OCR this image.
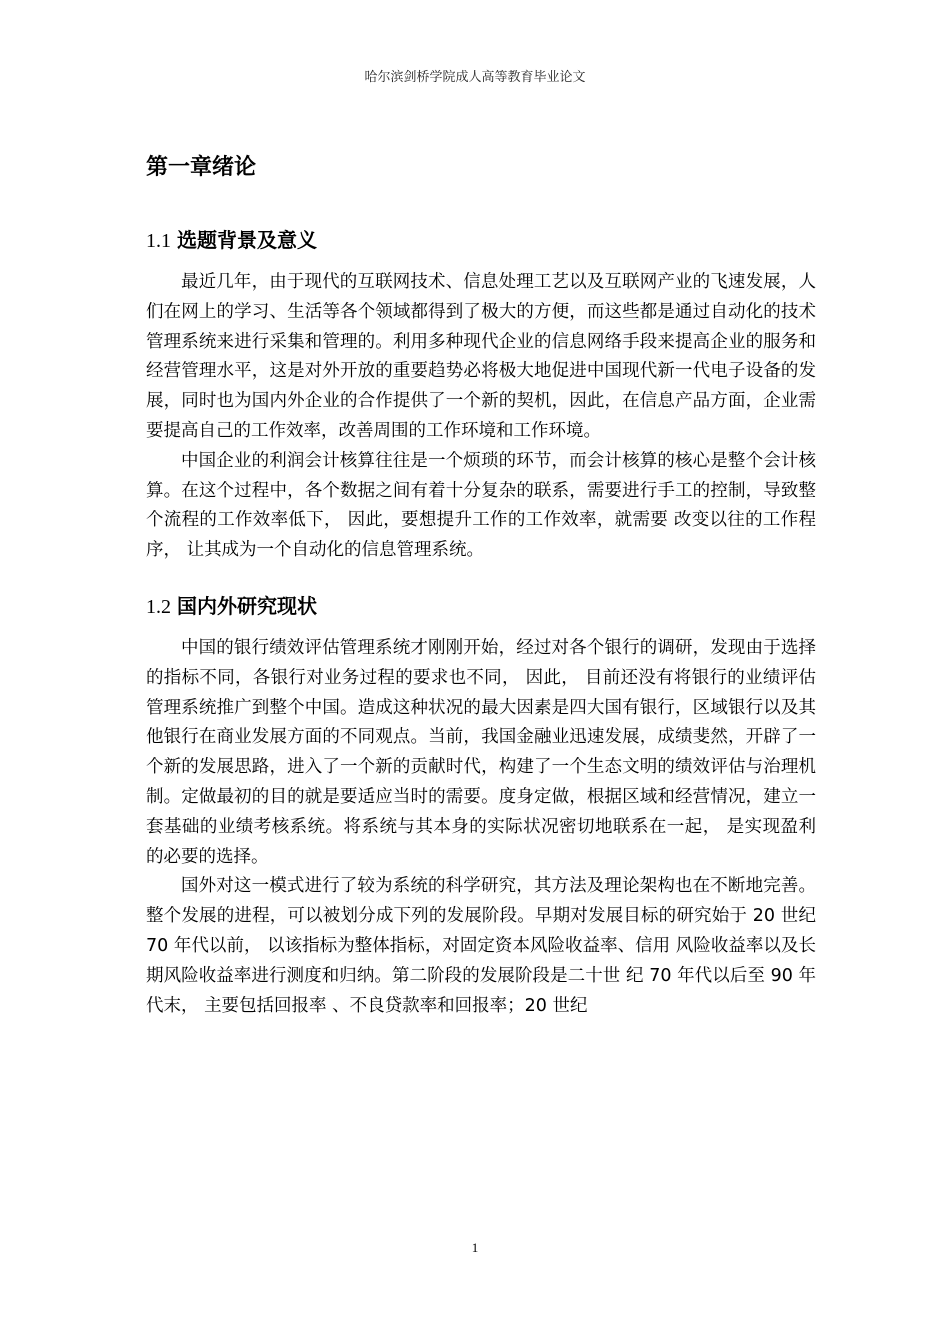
哈尔滨剑桥学院成人高等教育毕业论文
第一章绪论
1.1 选题背景及意义

最近几年，由于现代的互联网技术、信息处理工艺以及互联网产业的飞速发展，人们在网上的学习、生活等各个领域都得到了极大的方便，而这些都是通过自动化的技术管理系统来进行采集和管理的。利用多种现代企业的信息网络手段来提高企业的服务和经营管理水平，这是对外开放的重要趋势必将极大地促进中国现代新一代电子设备的发展，同时也为国内外企业的合作提供了一个新的契机，因此，在信息产品方面，企业需要提高自己的工作效率，改善周围的工作环境和工作环境。

中国企业的利润会计核算往往是一个烦琐的环节，而会计核算的核心是整个会计核算。在这个过程中，各个数据之间有着十分复杂的联系，需要进行手工的控制，导致整个流程的工作效率低下， 因此，要想提升工作的工作效率，就需要 改变以往的工作程序， 让其成为一个自动化的信息管理系统。

1.2 国内外研究现状

中国的银行绩效评估管理系统才刚刚开始，经过对各个银行的调研，发现由于选择的指标不同，各银行对业务过程的要求也不同， 因此， 目前还没有将银行的业绩评估管理系统推广到整个中国。造成这种状况的最大因素是四大国有银行，区域银行以及其他银行在商业发展方面的不同观点。当前，我国金融业迅速发展，成绩斐然，开辟了一个新的发展思路，进入了一个新的贡献时代，构建了一个生态文明的绩效评估与治理机制。定做最初的目的就是要适应当时的需要。度身定做，根据区域和经营情况，建立一套基础的业绩考核系统。将系统与其本身的实际状况密切地联系在一起， 是实现盈利的必要的选择。

国外对这一模式进行了较为系统的科学研究，其方法及理论架构也在不断地完善。整个发展的进程，可以被划分成下列的发展阶段。早期对发展目标的研究始于 20 世纪 70 年代以前， 以该指标为整体指标，对固定资本风险收益率、信用 风险收益率以及长期风险收益率进行测度和归纳。第二阶段的发展阶段是二十世 纪 70 年代以后至 90 年代末， 主要包括回报率 、不良贷款率和回报率；20 世纪

1
